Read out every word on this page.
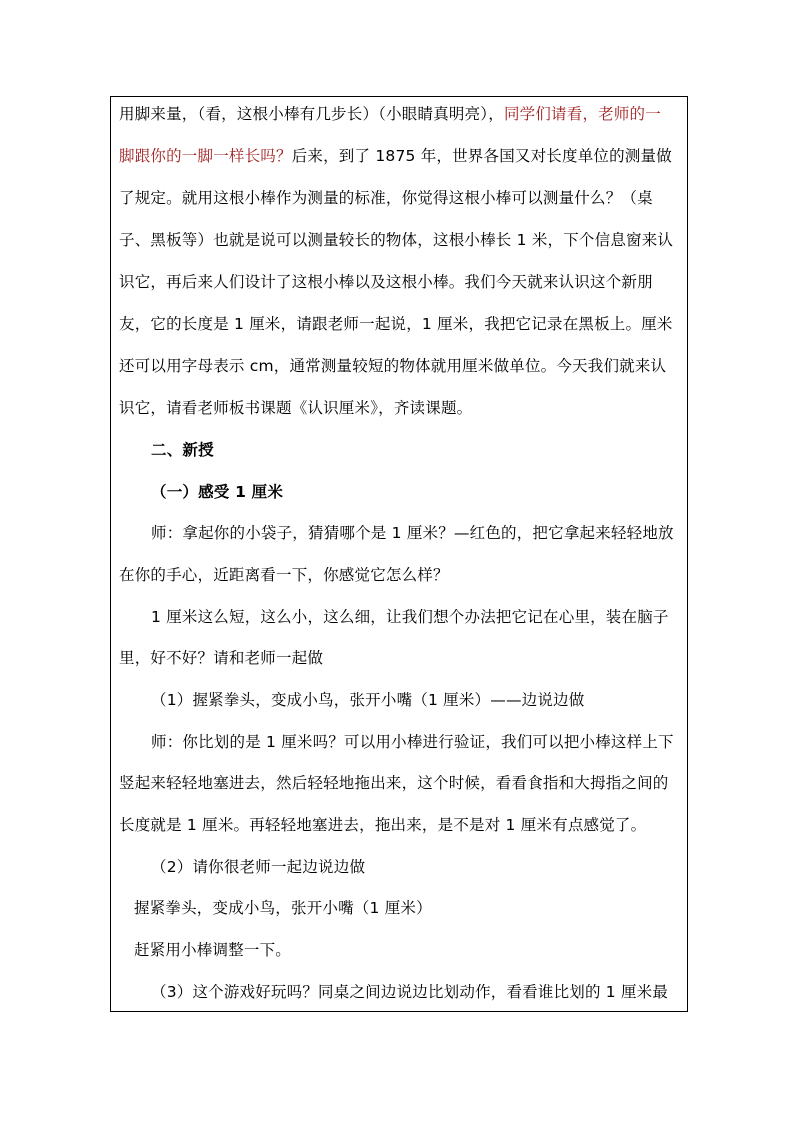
用脚来量，（看，这根小棒有几步长）（小眼睛真明亮），同学们请看，老师的一
脚跟你的一脚一样长吗？后来，到了 1875 年，世界各国又对长度单位的测量做
了规定。就用这根小棒作为测量的标准，你觉得这根小棒可以测量什么？（桌
子、黑板等）也就是说可以测量较长的物体，这根小棒长 1 米，下个信息窗来认
识它，再后来人们设计了这根小棒以及这根小棒。我们今天就来认识这个新朋
友，它的长度是 1 厘米，请跟老师一起说，1 厘米，我把它记录在黑板上。厘米
还可以用字母表示 cm，通常测量较短的物体就用厘米做单位。今天我们就来认
识它，请看老师板书课题《认识厘米》，齐读课题。
二、新授
（一）感受 1 厘米
师：拿起你的小袋子，猜猜哪个是 1 厘米？—红色的，把它拿起来轻轻地放
在你的手心，近距离看一下，你感觉它怎么样？
1 厘米这么短，这么小，这么细，让我们想个办法把它记在心里，装在脑子
里，好不好？请和老师一起做
（1）握紧拳头，变成小鸟，张开小嘴（1 厘米）——边说边做
师：你比划的是 1 厘米吗？可以用小棒进行验证，我们可以把小棒这样上下
竖起来轻轻地塞进去，然后轻轻地拖出来，这个时候，看看食指和大拇指之间的
长度就是 1 厘米。再轻轻地塞进去，拖出来，是不是对 1 厘米有点感觉了。
（2）请你很老师一起边说边做
握紧拳头，变成小鸟，张开小嘴（1 厘米）
赶紧用小棒调整一下。
（3）这个游戏好玩吗？同桌之间边说边比划动作，看看谁比划的 1 厘米最
